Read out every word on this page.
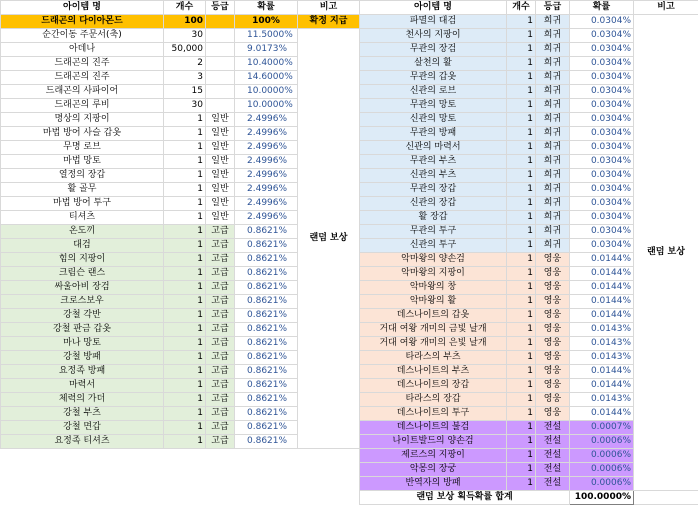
아이템 명	개수	등급	확률	비고
드래곤의 다이아몬드	100		100%	확정 지급
순간이동 주문서(축)	30		11.5000%	랜덤 보상
아데나	50,000		9.0173%	
드래곤의 진주	2		10.4000%	
드래곤의 진주	3		14.6000%	
드래곤의 사파이어	15		10.0000%	
드래곤의 루비	30		10.0000%	
명상의 지팡이	1	일반	2.4996%	
마법 방어 사슬 갑옷	1	일반	2.4996%	
무명 로브	1	일반	2.4996%	
마법 망토	1	일반	2.4996%	
열정의 장갑	1	일반	2.4996%	
활 골무	1	일반	2.4996%	
마법 방어 투구	1	일반	2.4996%	
티셔츠	1	일반	2.4996%	
온도끼	1	고급	0.8621%	
대검	1	고급	0.8621%	
힘의 지팡이	1	고급	0.8621%	
크림슨 랜스	1	고급	0.8621%	
싸울아비 장검	1	고급	0.8621%	
크로스보우	1	고급	0.8621%	
강철 각반	1	고급	0.8621%	
강철 판금 갑옷	1	고급	0.8621%	
마나 망토	1	고급	0.8621%	
강철 방패	1	고급	0.8621%	
요정족 방패	1	고급	0.8621%	
마력서	1	고급	0.8621%	
체력의 가더	1	고급	0.8621%	
강철 부츠	1	고급	0.8621%	
강철 면갑	1	고급	0.8621%	
요정족 티셔츠	1	고급	0.8621%	
아이템 명	개수	등급	확률	비고
파멸의 대검	1	희귀	0.0304%	랜덤 보상
천사의 지팡이	1	희귀	0.0304%	
무관의 장검	1	희귀	0.0304%	
살천의 활	1	희귀	0.0304%	
무관의 갑옷	1	희귀	0.0304%	
신관의 로브	1	희귀	0.0304%	
무관의 망토	1	희귀	0.0304%	
신관의 망토	1	희귀	0.0304%	
무관의 방패	1	희귀	0.0304%	
신관의 마력서	1	희귀	0.0304%	
무관의 부츠	1	희귀	0.0304%	
신관의 부츠	1	희귀	0.0304%	
무관의 장갑	1	희귀	0.0304%	
신관의 장갑	1	희귀	0.0304%	
활 장갑	1	희귀	0.0304%	
무관의 투구	1	희귀	0.0304%	
신관의 투구	1	희귀	0.0304%	
악마왕의 양손검	1	영웅	0.0144%	
악마왕의 지팡이	1	영웅	0.0144%	
악마왕의 창	1	영웅	0.0144%	
악마왕의 활	1	영웅	0.0144%	
데스나이트의 갑옷	1	영웅	0.0144%	
거대 여왕 개미의 금빛 날개	1	영웅	0.0143%	
거대 여왕 개미의 은빛 날개	1	영웅	0.0143%	
타라스의 부츠	1	영웅	0.0143%	
데스나이트의 부츠	1	영웅	0.0144%	
데스나이트의 장갑	1	영웅	0.0144%	
타라스의 장갑	1	영웅	0.0143%	
데스나이트의 투구	1	영웅	0.0144%	
데스나이트의 불검	1	전설	0.0007%	
나이트발드의 양손검	1	전설	0.0006%	
제르스의 지팡이	1	전설	0.0006%	
악몽의 장궁	1	전설	0.0006%	
반역자의 방패	1	전설	0.0006%	
랜덤 보상 획득확률 합계			100.0000%	
